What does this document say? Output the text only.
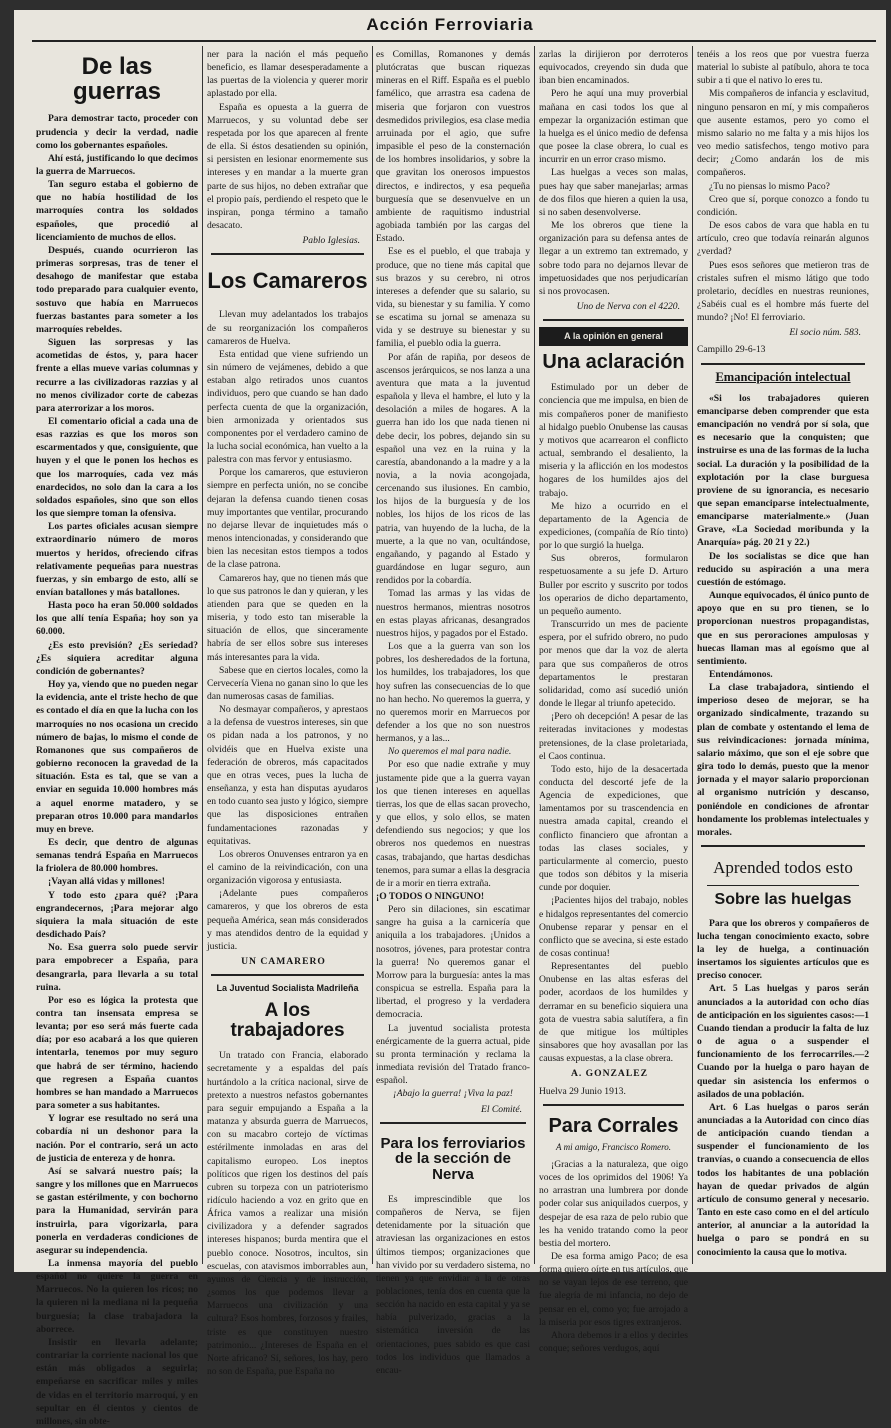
Acción Ferroviaria
De las guerras

Para demostrar tacto, proceder con prudencia y decir la verdad, nadie como los gobernantes españoles.

Ahí está, justificando lo que decimos la guerra de Marruecos.

Tan seguro estaba el gobierno de que no había hostilidad de los marroquíes contra los soldados españoles, que procedió al licenciamiento de muchos de ellos.

Después, cuando ocurrieron las primeras sorpresas, tras de tener el desahogo de manifestar que estaba todo preparado para cualquier evento, sostuvo que había en Marruecos fuerzas bastantes para someter a los marroquíes rebeldes.

Siguen las sorpresas y las acometidas de éstos, y, para hacer frente a ellas mueve varias columnas y recurre a las civilizadoras razzias y al no menos civilizador corte de cabezas para aterrorizar a los moros.

El comentario oficial a cada una de esas razzias es que los moros son escarmentados y que, consiguiente, que huyen y el que le ponen los hechos es que los marroquíes, cada vez más enardecidos, no solo dan la cara a los soldados españoles, sino que son ellos los que siempre toman la ofensiva.

Los partes oficiales acusan siempre extraordinario número de moros muertos y heridos, ofreciendo cifras relativamente pequeñas para nuestras fuerzas, y sin embargo de esto, allí se envían batallones y más batallones.

Hasta poco ha eran 50.000 soldados los que allí tenía España; hoy son ya 60.000.

¿Es esto previsión? ¿Es seriedad? ¿Es siquiera acreditar alguna condición de gobernantes?

Hoy ya, viendo que no pueden negar la evidencia, ante el triste hecho de que es contado el día en que la lucha con los marroquíes no nos ocasiona un crecido número de bajas, lo mismo el conde de Romanones que sus compañeros de gobierno reconocen la gravedad de la situación. Esta es tal, que se van a enviar en seguida 10.000 hombres más a aquel enorme matadero, y se preparan otros 10.000 para mandarlos muy en breve.

Es decir, que dentro de algunas semanas tendrá España en Marruecos la friolera de 80.000 hombres.

¡Vayan allá vidas y millones!

Y todo esto ¿para qué? ¡Para engrandecernos, ¡Para mejorar algo siquiera la mala situación de este desdichado País?

No. Esa guerra solo puede servir para empobrecer a España, para desangrarla, para llevarla a su total ruina.

Por eso es lógica la protesta que contra tan insensata empresa se levanta; por eso será más fuerte cada día; por eso acabará a los que quieren intentarla, tenemos por muy seguro que habrá de ser término, haciendo que regresen a España cuantos hombres se han mandado a Marruecos para someter a sus habitantes.

Y lograr ese resultado no será una cobardía ni un deshonor para la nación. Por el contrario, será un acto de justicia de entereza y de honra.

Así se salvará nuestro país; la sangre y los millones que en Marruecos se gastan estérilmente, y con bochorno para la Humanidad, servirán para instruirla, para vigorizarla, para ponerla en verdaderas condiciones de asegurar su independencia.

La inmensa mayoría del pueblo español no quiere la guerra en Marruecos. No la quieren los ricos; no la quieren ni la mediana ni la pequeña burguesía; la clase trabajadora la aborrece.

Insistir en llevarla adelante; contrariar la corriente nacional los que están más obligados a seguirla; empeñarse en sacrificar miles y miles de vidas en el territorio marroquí, y en sepultar en él cientos y cientos de millones, sin obte-

ner para la nación el más pequeño beneficio, es llamar desesperadamente a las puertas de la violencia y querer morir aplastado por ella.

España es opuesta a la guerra de Marruecos, y su voluntad debe ser respetada por los que aparecen al frente de ella. Si éstos desatienden su opinión, si persisten en lesionar enormemente sus intereses y en mandar a la muerte gran parte de sus hijos, no deben extrañar que el propio país, perdiendo el respeto que le inspiran, ponga término a tamaño desacato.

Pablo Iglesias.
Los Camareros

Llevan muy adelantados los trabajos de su reorganización los compañeros camareros de Huelva.

Esta entidad que viene sufriendo un sin número de vejámenes, debido a que estaban algo retirados unos cuantos individuos, pero que cuando se han dado perfecta cuenta de que la organización, bien armonizada y orientados sus componentes por el verdadero camino de la lucha social económica, han vuelto a la palestra con mas fervor y entusiasmo.

Porque los camareros, que estuvieron siempre en perfecta unión, no se concibe dejaran la defensa cuando tienen cosas muy importantes que ventilar, procurando no dejarse llevar de inquietudes más o menos intencionadas, y considerando que bien las necesitan estos tiempos a todos de la clase patrona.

Camareros hay, que no tienen más que lo que sus patronos le dan y quieran, y les atienden para que se queden en la miseria, y todo esto tan miserable la situación de ellos, que sinceramente habría de ser ellos sobre sus intereses más interesantes para la vida.

Sabese que en ciertos locales, como la Cervecería Viena no ganan sino lo que les dan numerosas casas de familias.

No desmayar compañeros, y aprestaos a la defensa de vuestros intereses, sin que os pidan nada a los patronos, y no olvidéis que en Huelva existe una federación de obreros, más capacitados que en otras veces, pues la lucha de enseñanza, y esta han disputas ayudaros en todo cuanto sea justo y lógico, siempre que las disposiciones entrañen fundamentaciones razonadas y equitativas.

Los obreros Onuvenses entraron ya en el camino de la reivindicación, con una organización vigorosa y entusiasta.

¡Adelante pues compañeros camareros, y que los obreros de esta pequeña América, sean más considerados y mas atendidos dentro de la equidad y justicia.

UN CAMARERO
La Juventud Socialista Madrileña
A los trabajadores

Un tratado con Francia, elaborado secretamente y a espaldas del país hurtándolo a la crítica nacional, sirve de pretexto a nuestros nefastos gobernantes para seguir empujando a España a la matanza y absurda guerra de Marruecos, con su macabro cortejo de víctimas estérilmente inmoladas en aras del capitalismo europeo. Los ineptos políticos que rigen los destinos del país cubren su torpeza con un patrioterismo ridículo haciendo a voz en grito que en África vamos a realizar una misión civilizadora y a defender sagrados intereses hispanos; burda mentira que el pueblo conoce. Nosotros, incultos, sin escuelas, con atavismos imborrables aun, ayunos de Ciencia y de instrucción, ¿somos los que podemos llevar a Marruecos una civilización y una cultura? Esos hombres, forzosos y frailes, triste es que constituyen nuestro patrimonio... ¿Intereses de España en el Norte africano? Sí, señores, los hay, pero no son de España, pue España no

es Comillas, Romanones y demás plutócratas que buscan riquezas mineras en el Riff. España es el pueblo famélico, que arrastra esa cadena de miseria que forjaron con vuestros desmedidos privilegios, esa clase media arruinada por el agio, que sufre impasible el peso de la consternación de los hombres insolidarios, y sobre la que gravitan los onerosos impuestos directos, e indirectos, y esa pequeña burguesía que se desenvuelve en un ambiente de raquitismo industrial agobiada también por las cargas del Estado.

Ese es el pueblo, el que trabaja y produce, que no tiene más capital que sus brazos y su cerebro, ni otros intereses a defender que su salario, su vida, su bienestar y su familia. Y como se escatima su jornal se amenaza su vida y se destruye su bienestar y su familia, el pueblo odia la guerra.

Por afán de rapiña, por deseos de ascensos jerárquicos, se nos lanza a una aventura que mata a la juventud española y lleva el hambre, el luto y la desolación a miles de hogares. A la guerra han ido los que nada tienen ni debe decir, los pobres, dejando sin su español una vez en la ruina y la carestía, abandonando a la madre y a la novia, a la novia acongojada, cercenando sus ilusiones. En cambio, los hijos de la burguesía y de los nobles, los hijos de los ricos de las patria, van huyendo de la lucha, de la muerte, a la que no van, ocultándose, engañando, y pagando al Estado y guardándose en lugar seguro, aun rendidos por la cobardía.

Tomad las armas y las vidas de nuestros hermanos, mientras nosotros en estas playas africanas, desangrados nuestros hijos, y pagados por el Estado.

Los que a la guerra van son los pobres, los desheredados de la fortuna, los humildes, los trabajadores, los que hoy sufren las consecuencias de lo que no han hecho. No queremos la guerra, y no queremos morir en Marruecos por defender a los que no son nuestros hermanos, y a las...

No queremos el mal para nadie.

Por eso que nadie extrañe y muy justamente pide que a la guerra vayan los que tienen intereses en aquellas tierras, los que de ellas sacan provecho, y que ellos, y solo ellos, se maten defendiendo sus negocios; y que los obreros nos quedemos en nuestras casas, trabajando, que hartas desdichas tenemos, para sumar a ellas la desgracia de ir a morir en tierra extraña.

¡O TODOS O NINGUNO!

Pero sin dilaciones, sin escatimar sangre ha guisa a la carnicería que aniquila a los trabajadores. ¡Unidos a nosotros, jóvenes, para protestar contra la guerra! No queremos ganar el Morrow para la burguesía: antes la mas conspicua se estrella. España para la libertad, el progreso y la verdadera democracia.

La juventud socialista protesta enérgicamente de la guerra actual, pide su pronta terminación y reclama la inmediata revisión del Tratado franco-español.

¡Abajo la guerra! ¡Viva la paz!
El Comité.
Para los ferroviarios de la sección de Nerva

Es imprescindible que los compañeros de Nerva, se fijen detenidamente por la situación que atraviesan las organizaciones en estos últimos tiempos; organizaciones que han vivido por su verdadero sistema, no tienen ya que envidiar a la de otras poblaciones, tenía dos en cuenta que la sección ha nacido en esta capital y ya se había pulverizado, gracias a la sistemática inversión de las orientaciones, pues sabido es que casi todos los individuos que llamados a encau-

zarlas la dirijieron por derroteros equivocados, creyendo sin duda que iban bien encaminados.

Pero he aquí una muy proverbial mañana en casi todos los que al empezar la organización estiman que la huelga es el único medio de defensa que posee la clase obrera, lo cual es incurrir en un error craso mismo.

Las huelgas a veces son malas, pues hay que saber manejarlas; armas de dos filos que hieren a quien la usa, si no saben desenvolverse.

Me los obreros que tiene la organización para su defensa antes de llegar a un extremo tan extremado, y sobre todo para no dejarnos llevar de impetuosidades que nos perjudicarían si nos provocasen.

Uno de Nerva con el 4220.
A la opinión en general
Una aclaración

Estimulado por un deber de conciencia que me impulsa, en bien de mis compañeros poner de manifiesto al hidalgo pueblo Onubense las causas y motivos que acarrearon el conflicto actual, sembrando el desaliento, la miseria y la aflicción en los modestos hogares de los humildes ajos del trabajo.

Me hizo a ocurrido en el departamento de la Agencia de expediciones, (compañía de Río tinto) por lo que surgió la huelga.

Sus obreros, formularon respetuosamente a su jefe D. Arturo Buller por escrito y suscrito por todos los operarios de dicho departamento, un pequeño aumento.

Transcurrido un mes de paciente espera, por el sufrido obrero, no pudo por menos que dar la voz de alerta para que sus compañeros de otros departamentos le prestaran solidaridad, como así sucedió unión donde le llegar al triunfo apetecido.

¡Pero oh decepción! A pesar de las reiteradas invitaciones y modestas pretensiones, de la clase proletariada, el Caos continua.

Todo esto, hijo de la desacertada conducta del descorté jefe de la Agencia de expediciones, que lamentamos por su trascendencia en nuestra amada capital, creando el conflicto financiero que afrontan a todas las clases sociales, y particularmente al comercio, puesto que todos son débitos y la miseria cunde por doquier.

¡Pacientes hijos del trabajo, nobles e hidalgos representantes del comercio Onubense reparar y pensar en el conflicto que se avecina, si este estado de cosas continua!

Representantes del pueblo Onubense en las altas esferas del poder, acordaos de los humildes y derramar en su beneficio siquiera una gota de vuestra sabia salutífera, a fin de que mitigue los múltiples sinsabores que hoy avasallan por las causas expuestas, a la clase obrera.

A. GONZALEZ

Huelva 29 Junio 1913.

Para Corrales
A mi amigo, Francisco Romero.

¡Gracias a la naturaleza, que oigo voces de los oprimidos del 1906! Ya no arrastran una lumbrera por donde poder colar sus aniquilados cuerpos, y despejar de esa raza de pelo rubio que les ha venido tratando como la peor bestia del mortero.

De esa forma amigo Paco; de esa forma quiero oírte en tus artículos, que no se vayan lejos de ese terreno, que fue alegría de mi infancia, no dejo de pensar en el, como yo; fue arrojado a la miseria por esos tigres extranjeros.

Ahora debemos ir a ellos y decirles conque; señores verdugos, aquí

tenéis a los reos que por vuestra fuerza material lo subiste al patíbulo, ahora te toca subir a ti que el nativo lo eres tu.

Mis compañeros de infancia y esclavitud, ninguno pensaron en mí, y mis compañeros que ausente estamos, pero yo como el mismo salario no me falta y a mis hijos los veo medio satisfechos, tengo motivo para decir; ¿Como andarán los de mis compañeros.

¿Tu no piensas lo mismo Paco?

Creo que sí, porque conozco a fondo tu condición.

De esos cabos de vara que habla en tu artículo, creo que todavía reinarán algunos ¿verdad?

Pues esos señores que metieron tras de cristales sufren el mismo látigo que todo proletario, decídles en nuestras reuniones, ¿Sabéis cual es el hombre más fuerte del mundo? ¡No! El ferroviario.

El socio núm. 583.

Campillo 29-6-13

Emancipación intelectual

«Si los trabajadores quieren emanciparse deben comprender que esta emancipación no vendrá por sí sola, que es necesario que la conquisten; que instruirse es una de las formas de la lucha social. La duración y la posibilidad de la explotación por la clase burguesa proviene de su ignorancia, es necesario que sepan emanciparse intelectualmente, emanciparse materialmente.» (Juan Grave, «La Sociedad moribunda y la Anarquía» pág. 20 21 y 22.)

De los socialistas se dice que han reducido su aspiración a una mera cuestión de estómago.

Aunque equivocados, él único punto de apoyo que en su pro tienen, se lo proporcionan nuestros propagandistas, que en sus peroraciones ampulosas y huecas llaman mas al egoísmo que al sentimiento.

Entendámonos.

La clase trabajadora, sintiendo el imperioso deseo de mejorar, se ha organizado sindicalmente, trazando su plan de combate y ostentando el lema de sus reivindicaciones: jornada mínima, salario máximo, que son el eje sobre que gira todo lo demás, puesto que la menor jornada y el mayor salario proporcionan al organismo nutrición y descanso, poniéndole en condiciones de afrontar hondamente los problemas intelectuales y morales.

Aprended todos esto
Sobre las huelgas

Para que los obreros y compañeros de lucha tengan conocimiento exacto, sobre la ley de huelga, a continuación insertamos los siguientes artículos que es preciso conocer.

Art. 5 Las huelgas y paros serán anunciados a la autoridad con ocho días de anticipación en los siguientes casos:—1 Cuando tiendan a producir la falta de luz o de agua o a suspender el funcionamiento de los ferrocarriles.—2 Cuando por la huelga o paro hayan de quedar sin asistencia los enfermos o asilados de una población.

Art. 6 Las huelgas o paros serán anunciadas a la Autoridad con cinco días de anticipación cuando tiendan a suspender el funcionamiento de los tranvías, o cuando a consecuencia de ellos todos los habitantes de una población hayan de quedar privados de algún artículo de consumo general y necesario. Tanto en este caso como en el del artículo anterior, al anunciar a la autoridad la huelga o paro se pondrá en su conocimiento la causa que lo motiva.
